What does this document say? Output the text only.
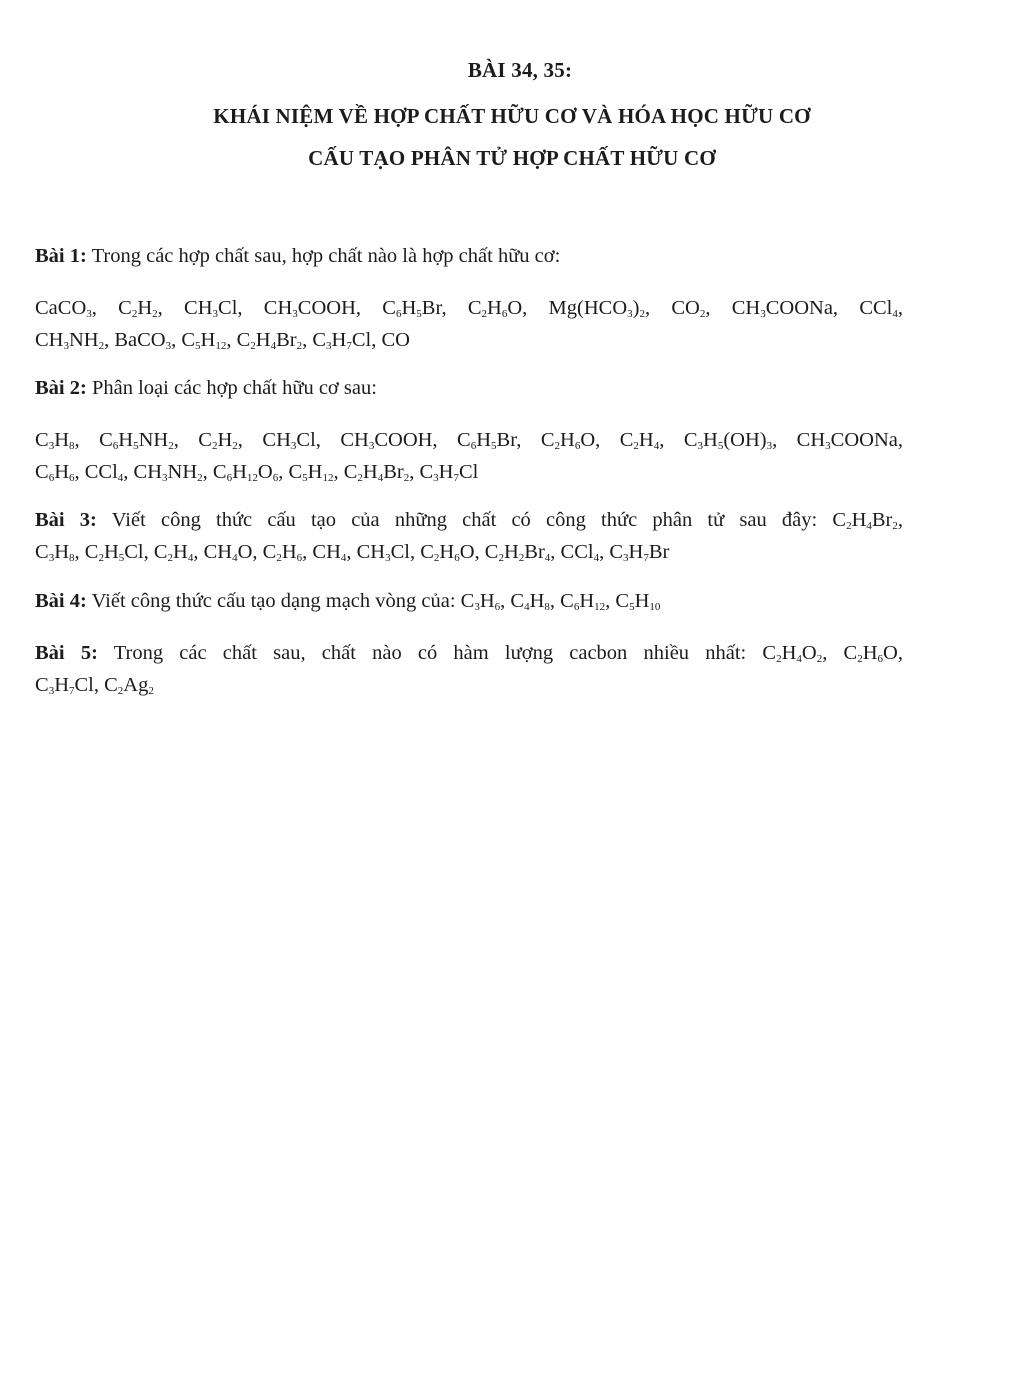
BÀI 34, 35:
KHÁI NIỆM VỀ HỢP CHẤT HỮU CƠ VÀ HÓA HỌC HỮU CƠ
CẤU TẠO PHÂN TỬ HỢP CHẤT HỮU CƠ
Bài 1: Trong các hợp chất sau, hợp chất nào là hợp chất hữu cơ:
CaCO$_3$, $C_2H_2$, $CH_3Cl$, $CH_3COOH$, $C_6H_5Br$, $C_2H_6O$, $Mg(HCO_3)_2$, $CO_2$, $CH_3COONa$, CCl$_4$,
$CH_3NH_2$, BaCO$_3$, $C_5H_{12}$, $C_2H_4Br_2$, $C_3H_7Cl$, CO
Bài 2: Phân loại các hợp chất hữu cơ sau:
$C_3H_8$, $C_6H_5NH_2$, $C_2H_2$, $CH_3Cl$, $CH_3COOH$, $C_6H_5Br$, $C_2H_6O$, $C_2H_4$, $C_3H_5(OH)_3$, $CH_3COONa$,
$C_6H_6$, CCl$_4$, $CH_3NH_2$, $C_6H_{12}O_6$, $C_5H_{12}$, $C_2H_4Br_2$, $C_3H_7Cl$
Bài 3: Viết công thức cấu tạo của những chất có công thức phân tử sau đây: $C_2H_4Br_2$,
$C_3H_8$, $C_2H_5Cl$, $C_2H_4$, $CH_4O$, $C_2H_6$, $CH_4$, $CH_3Cl$, $C_2H_6O$, $C_2H_2Br_4$, CCl$_4$, $C_3H_7Br$
Bài 4: Viết công thức cấu tạo dạng mạch vòng của: $C_3H_6$, $C_4H_8$, $C_6H_{12}$, $C_5H_{10}$
Bài 5: Trong các chất sau, chất nào có hàm lượng cacbon nhiều nhất: $C_2H_4O_2$, $C_2H_6O$,
$C_3H_7Cl$, $C_2Ag_2$
